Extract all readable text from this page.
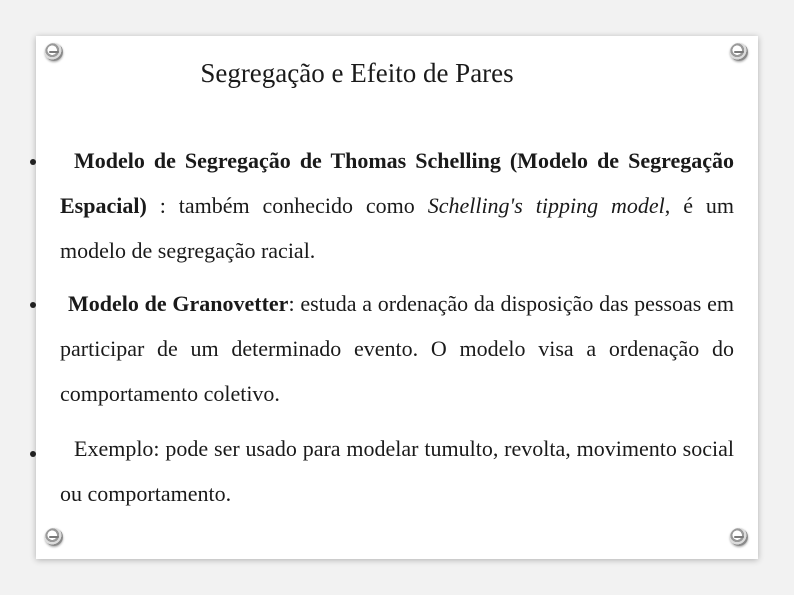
Segregação e Efeito de Pares
Modelo de Segregação de Thomas Schelling (Modelo de Segregação Espacial) : também conhecido como Schelling's tipping model, é um modelo de segregação racial.
Modelo de Granovetter: estuda a ordenação da disposição das pessoas em participar de um determinado evento. O modelo visa a ordenação do comportamento coletivo.
Exemplo: pode ser usado para modelar tumulto, revolta, movimento social ou comportamento.
